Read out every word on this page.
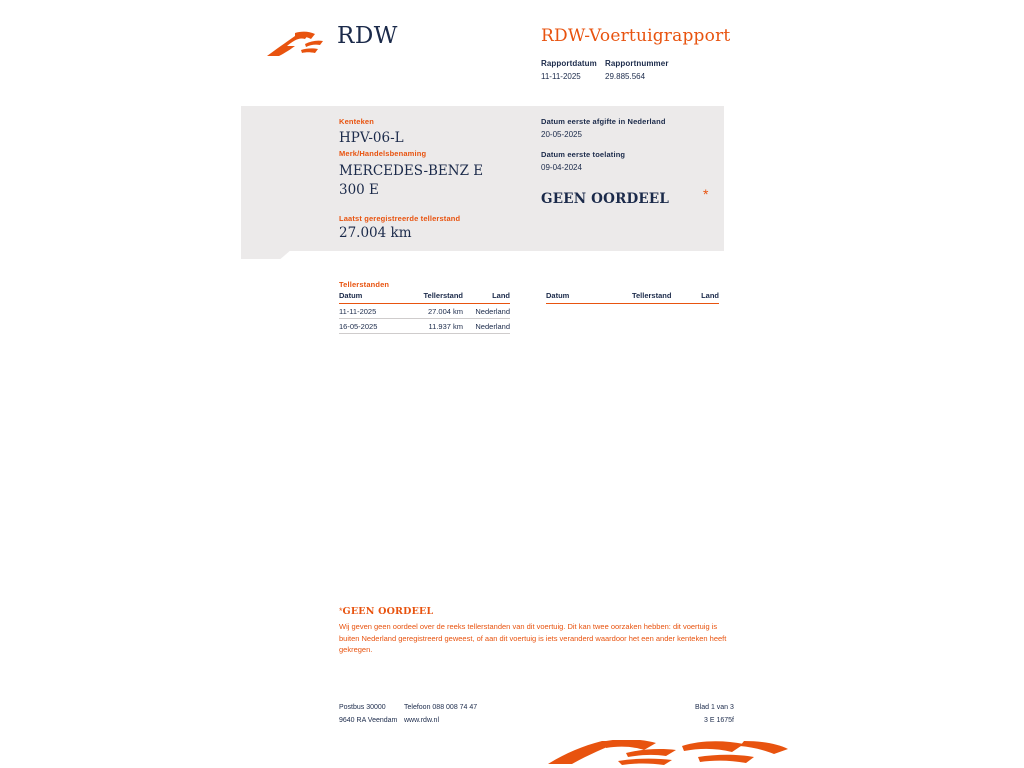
RDW	RDW-Voertuigrapport
Rapportdatum
11-11-2025
Rapportnummer
29.885.564
Kenteken
HPV-06-L
Merk/Handelsbenaming
MERCEDES-BENZ E
300 E
Laatst geregistreerde tellerstand
27.004 km
Datum eerste afgifte in Nederland
20-05-2025
Datum eerste toelating
09-04-2024
GEEN OORDEEL *
Tellerstanden
Datum	Tellerstand	Land
11-11-2025	27.004 km	Nederland
16-05-2025	11.937 km	Nederland
Datum	Tellerstand	Land
*GEEN OORDEEL
Wij geven geen oordeel over de reeks tellerstanden van dit voertuig. Dit kan twee oorzaken hebben: dit voertuig is buiten Nederland geregistreerd geweest, of aan dit voertuig is iets veranderd waardoor het een ander kenteken heeft gekregen.
Postbus 30000
9640 RA Veendam
Telefoon 088 008 74 47
www.rdw.nl
Blad 1 van 3
3 E 1675f
